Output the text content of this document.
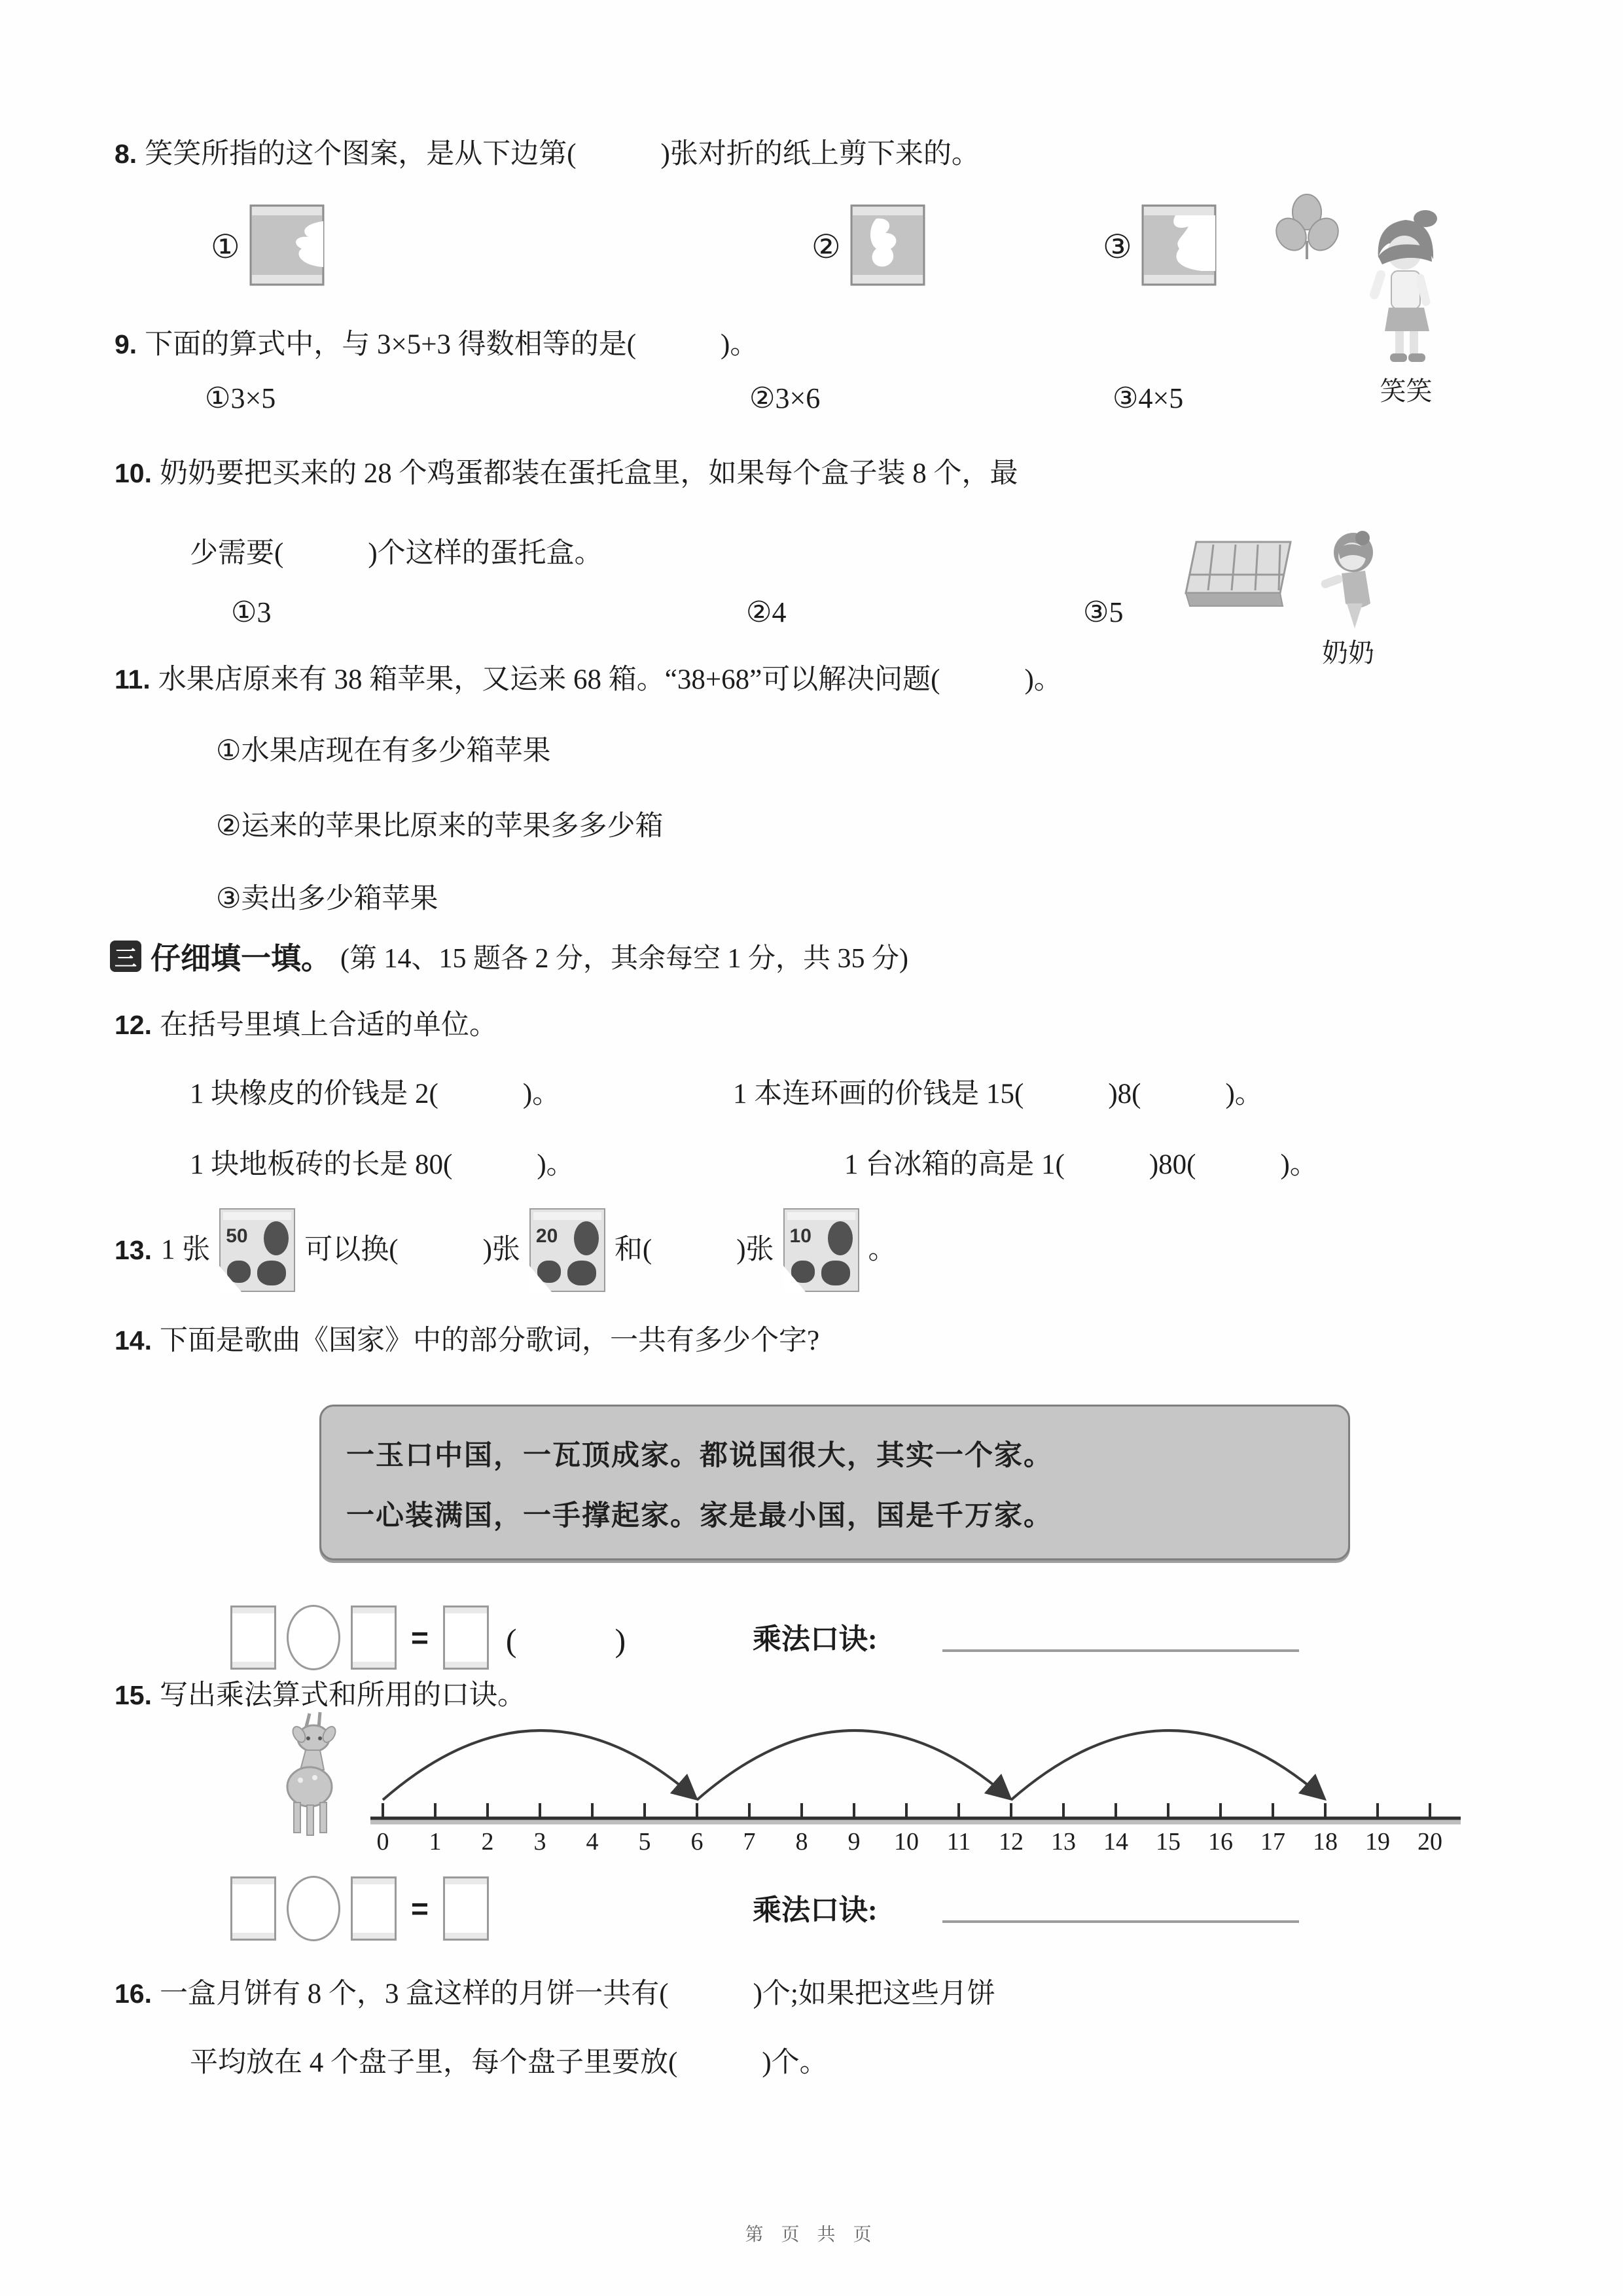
8. 笑笑所指的这个图案，是从下边第(　　　)张对折的纸上剪下来的。
①	②	③
笑笑
9. 下面的算式中，与 3×5+3 得数相等的是(　　　)。
①3×5	②3×6	③4×5
10. 奶奶要把买来的 28 个鸡蛋都装在蛋托盒里，如果每个盒子装 8 个，最
少需要(　　　)个这样的蛋托盒。
①3	②4	③5
奶奶
11. 水果店原来有 38 箱苹果，又运来 68 箱。“38+68”可以解决问题(　　　)。
①水果店现在有多少箱苹果
②运来的苹果比原来的苹果多多少箱
③卖出多少箱苹果
三 仔细填一填。 (第 14、15 题各 2 分，其余每空 1 分，共 35 分)
12. 在括号里填上合适的单位。
1 块橡皮的价钱是 2(　　　)。	1 本连环画的价钱是 15(　　　)8(　　　)。
1 块地板砖的长是 80(　　　)。	1 台冰箱的高是 1(　　　)80(　　　)。
13. 1 张 50 可以换(　　　)张 20 和(　　　)张 10 。
14. 下面是歌曲《国家》中的部分歌词，一共有多少个字?
一玉口中国，一瓦顶成家。都说国很大，其实一个家。
一心装满国，一手撑起家。家是最小国，国是千万家。
= (　　　)	乘法口诀:
15. 写出乘法算式和所用的口诀。
0	1	2	3	4	5	6	7	8	9	10	11	12	13	14	15	16	17	18	19	20
=	乘法口诀:
16. 一盒月饼有 8 个，3 盒这样的月饼一共有(　　　)个;如果把这些月饼
平均放在 4 个盘子里，每个盘子里要放(　　　)个。
第 页 共 页
